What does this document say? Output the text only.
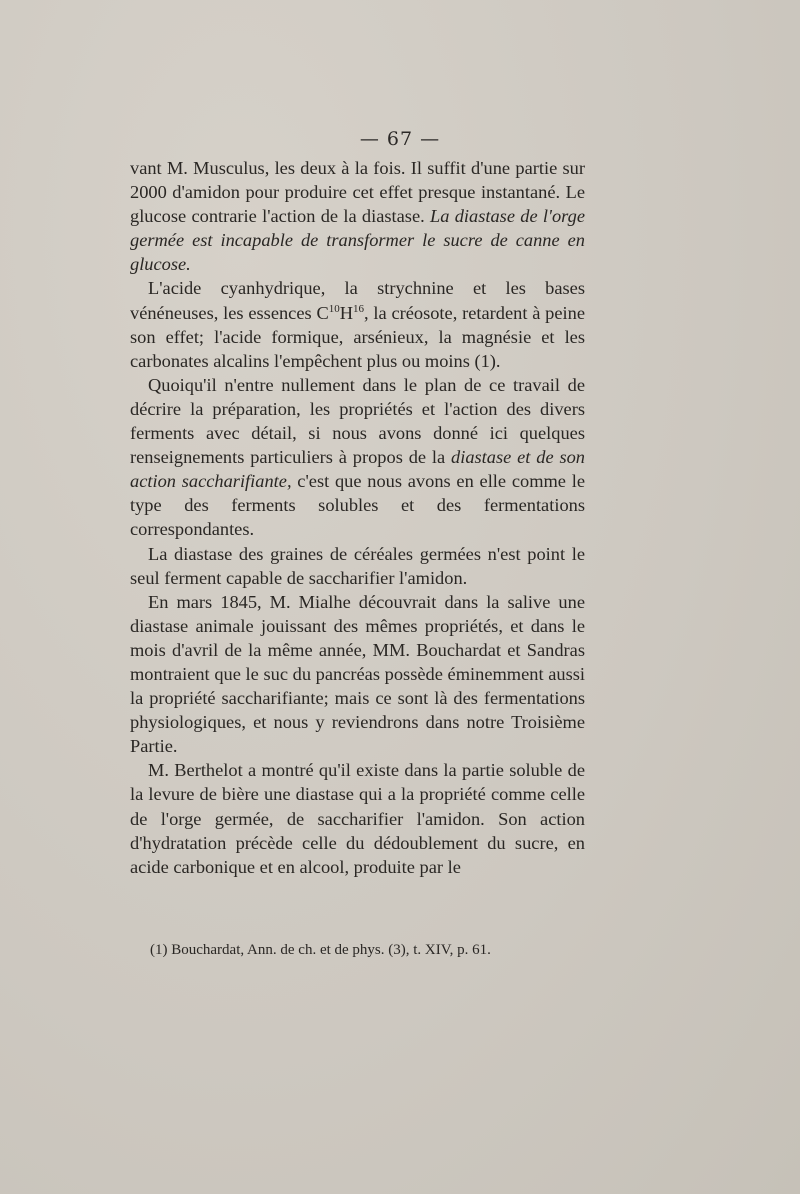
— 67 —

vant M. Musculus, les deux à la fois. Il suffit d'une partie sur 2000 d'amidon pour produire cet effet presque instantané. Le glucose contrarie l'action de la diastase. La diastase de l'orge germée est incapable de transformer le sucre de canne en glucose.

L'acide cyanhydrique, la strychnine et les bases vénéneuses, les essences $C^{10}H^{16}$, la créosote, retardent à peine son effet; l'acide formique, arsénieux, la magnésie et les carbonates alcalins l'empêchent plus ou moins (1).

Quoiqu'il n'entre nullement dans le plan de ce travail de décrire la préparation, les propriétés et l'action des divers ferments avec détail, si nous avons donné ici quelques renseignements particuliers à propos de la diastase et de son action saccharifiante, c'est que nous avons en elle comme le type des ferments solubles et des fermentations correspondantes.

La diastase des graines de céréales germées n'est point le seul ferment capable de saccharifier l'amidon.

En mars 1845, M. Mialhe découvrait dans la salive une diastase animale jouissant des mêmes propriétés, et dans le mois d'avril de la même année, MM. Bouchardat et Sandras montraient que le suc du pancréas possède éminemment aussi la propriété saccharifiante; mais ce sont là des fermentations physiologiques, et nous y reviendrons dans notre Troisième Partie.

M. Berthelot a montré qu'il existe dans la partie soluble de la levure de bière une diastase qui a la propriété comme celle de l'orge germée, de saccharifier l'amidon. Son action d'hydratation précède celle du dédoublement du sucre, en acide carbonique et en alcool, produite par le

(1) Bouchardat, Ann. de ch. et de phys. (3), t. XIV, p. 61.
